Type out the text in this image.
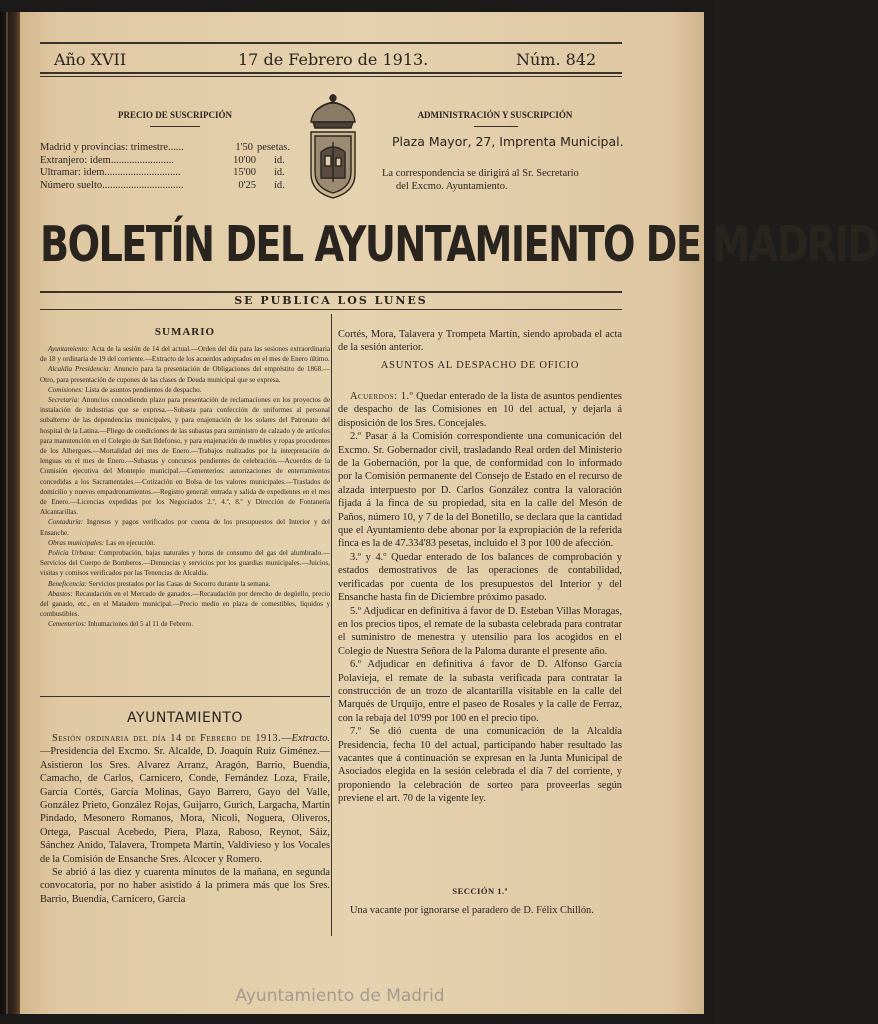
Año XVII	17 de Febrero de 1913.	Núm. 842
PRECIO DE SUSCRIPCIÓN
Madrid y provincias: trimestre......	1'50 pesetas.
Extranjero: idem........................	10'00 íd.
Ultramar: idem.............................	15'00 íd.
Número suelto...............................	0'25 íd.
ADMINISTRACIÓN Y SUSCRIPCIÓN
Plaza Mayor, 27, Imprenta Municipal.
La correspondencia se dirigirá al Sr. Secretario
del Excmo. Ayuntamiento.
BOLETÍN DEL AYUNTAMIENTO DE MADRID
SE PUBLICA LOS LUNES
SUMARIO

Ayuntamiento: Acta de la sesión de 14 del actual.—Orden del día para las sesiones extraordinaria de 18 y ordinaria de 19 del corriente.—Extracto de los acuerdos adoptados en el mes de Enero último.

Alcaldía Presidencia: Anuncio para la presentación de Obligaciones del empréstito de 1868.—Otro, para presentación de cupones de las clases de Deuda municipal que se expresa.

Comisiones: Lista de asuntos pendientes de despacho.

Secretaría: Anuncios concediendo plazo para presentación de reclamaciones en los proyectos de instalación de industrias que se expresa.—Subasta para confección de uniformes al personal subalterno de las dependencias municipales, y para enajenación de los solares del Patronato del hospital de la Latina.—Pliego de condiciones de las subastas para suministro de calzado y de artículos para manutención en el Colegio de San Ildefonso, y para enajenación de muebles y ropas procedentes de los Albergues.—Mortalidad del mes de Enero.—Trabajos realizados por la interpretación de lenguas en el mes de Enero.—Subastas y concursos pendientes de celebración.—Acuerdos de la Comisión ejecutiva del Montepío municipal.—Cementerios: autorizaciones de enterramientos concedidas a los Sacramentales.—Cotización en Bolsa de los valores municipales.—Traslados de domicilio y nuevos empadronamientos.—Registro general: entrada y salida de expedientes en el mes de Enero.—Licencias expedidas por los Negociados 2.º, 4.º, 8.º y Dirección de Fontanería Alcantarillas.

Contaduría: Ingresos y pagos verificados por cuenta de los presupuestos del Interior y del Ensanche.

Obras municipales: Las en ejecución.

Policía Urbana: Comprobación, bajas naturales y horas de consumo del gas del alumbrado.—Servicios del Cuerpo de Bomberos.—Denuncias y servicios por los guardias municipales.—Juicios, visitas y comisos verificados por las Tenencias de Alcaldía.

Beneficencia: Servicios prestados por las Casas de Socorro durante la semana.

Abastos: Recaudación en el Mercado de ganados.—Recaudación por derecho de degüello, precio del ganado, etc., en el Matadero municipal.—Precio medio en plaza de comestibles, líquidos y combustibles.

Cementerios: Inhumaciones del 5 al 11 de Febrero.

AYUNTAMIENTO

Sesión ordinaria del día 14 de Febrero de 1913.—Extracto.—Presidencia del Excmo. Sr. Alcalde, D. Joaquín Ruiz Giménez.—Asistieron los Sres. Alvarez Arranz, Aragón, Barrio, Buendía, Camacho, de Carlos, Carnicero, Conde, Fernández Loza, Fraile, García Cortés, García Molinas, Gayo Barrero, Gayo del Valle, González Prieto, González Rojas, Guijarro, Gurich, Largacha, Martín Pindado, Mesonero Romanos, Mora, Nicoli, Noguera, Oliveros, Ortega, Pascual Acebedo, Piera, Plaza, Raboso, Reynot, Sáiz, Sánchez Anido, Talavera, Trompeta Martín, Valdivieso y los Vocales de la Comisión de Ensanche Sres. Alcocer y Romero.

Se abrió á las diez y cuarenta minutos de la mañana, en segunda convocatoria, por no haber asistido á la primera más que los Sres. Barrio, Buendía, Carnicero, García

Cortés, Mora, Talavera y Trompeta Martín, siendo aprobada el acta de la sesión anterior.

ASUNTOS AL DESPACHO DE OFICIO

Acuerdos: 1.º Quedar enterado de la lista de asuntos pendientes de despacho de las Comisiones en 10 del actual, y dejarla á disposición de los Sres. Concejales.

2.º Pasar á la Comisión correspondiente una comunicación del Excmo. Sr. Gobernador civil, trasladando Real orden del Ministerio de la Gobernación, por la que, de conformidad con lo informado por la Comisión permanente del Consejo de Estado en el recurso de alzada interpuesto por D. Carlos González contra la valoración fijada á la finca de su propiedad, sita en la calle del Mesón de Paños, número 10, y 7 de la del Bonetillo, se declara que la cantidad que el Ayuntamiento debe abonar por la expropiación de la referida finca es la de 47.334'83 pesetas, incluido el 3 por 100 de afección.

3.º y 4.º Quedar enterado de los balances de comprobación y estados demostrativos de las operaciones de contabilidad, verificadas por cuenta de los presupuestos del Interior y del Ensanche hasta fin de Diciembre próximo pasado.

5.º Adjudicar en definitiva á favor de D. Esteban Villas Moragas, en los precios tipos, el remate de la subasta celebrada para contratar el suministro de menestra y utensilio para los acogidos en el Colegio de Nuestra Señora de la Paloma durante el presente año.

6.º Adjudicar en definitiva á favor de D. Alfonso García Polavieja, el remate de la subasta verificada para contratar la construcción de un trozo de alcantarilla visitable en la calle del Marqués de Urquijo, entre el paseo de Rosales y la calle de Ferraz, con la rebaja del 10'99 por 100 en el precio tipo.

7.º Se dió cuenta de una comunicación de la Alcaldía Presidencia, fecha 10 del actual, participando haber resultado las vacantes que á continuación se expresan en la Junta Municipal de Asociados elegida en la sesión celebrada el día 7 del corriente, y proponiendo la celebración de sorteo para proveerlas según previene el art. 70 de la vigente ley.

SECCIÓN 1.ª

Una vacante por ignorarse el paradero de D. Félix Chillón.

Ayuntamiento de Madrid
